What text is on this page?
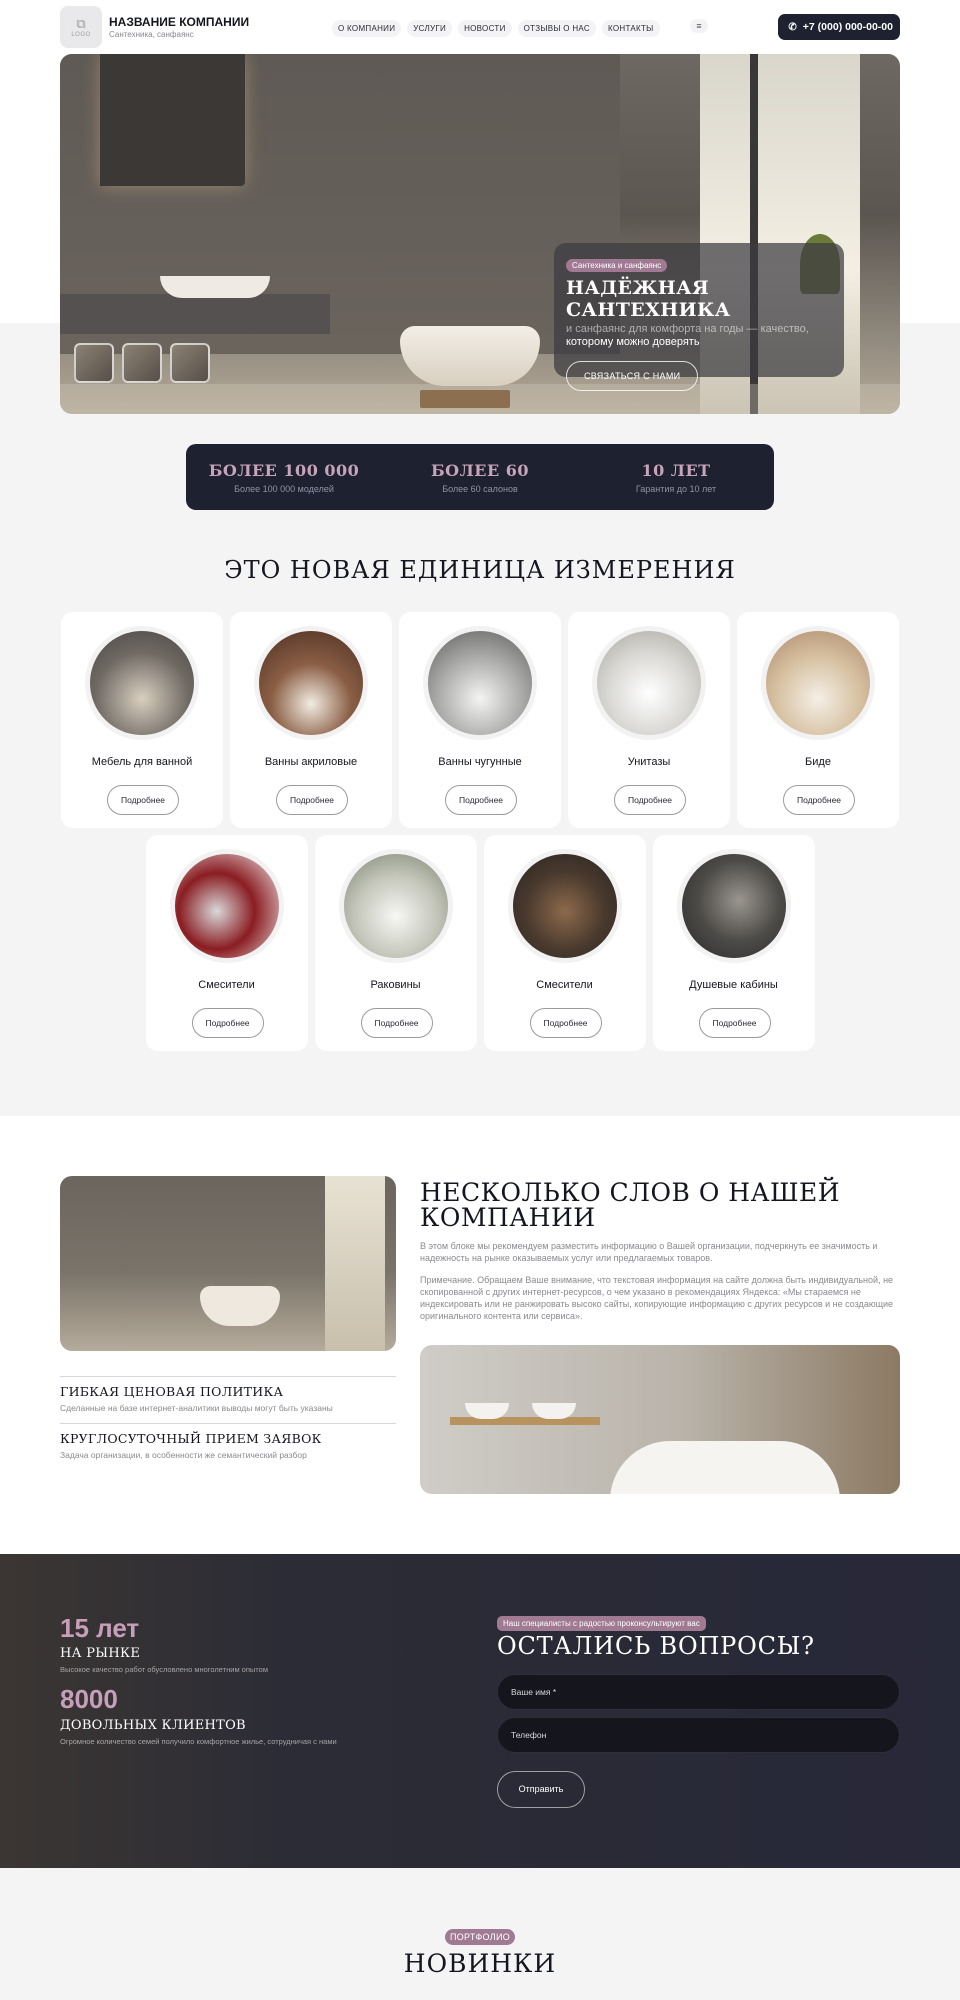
⧉
LOGO
НАЗВАНИЕ КОМПАНИИ
Сантехника, санфаянс
О КОМПАНИИ	УСЛУГИ	НОВОСТИ	ОТЗЫВЫ О НАС	КОНТАКТЫ	≡	✆ +7 (000) 000-00-00
Сантехника и санфаянс
НАДЁЖНАЯ САНТЕХНИКА
и санфаянс для комфорта на годы — качество, которому можно доверять
СВЯЗАТЬСЯ С НАМИ
БОЛЕЕ 100 000
Более 100 000 моделей
БОЛЕЕ 60
Более 60 салонов
10 ЛЕТ
Гарантия до 10 лет
ЭТО НОВАЯ ЕДИНИЦА ИЗМЕРЕНИЯ
Мебель для ванной
Подробнее
Ванны акриловые
Подробнее
Ванны чугунные
Подробнее
Унитазы
Подробнее
Биде
Подробнее
Смесители
Подробнее
Раковины
Подробнее
Смесители
Подробнее
Душевые кабины
Подробнее
ГИБКАЯ ЦЕНОВАЯ ПОЛИТИКА
Сделанные на базе интернет-аналитики выводы могут быть указаны
КРУГЛОСУТОЧНЫЙ ПРИЕМ ЗАЯВОК
Задача организации, в особенности же семантический разбор
НЕСКОЛЬКО СЛОВ О НАШЕЙ КОМПАНИИ
В этом блоке мы рекомендуем разместить информацию о Вашей организации, подчеркнуть ее значимость и надежность на рынке оказываемых услуг или предлагаемых товаров.
Примечание. Обращаем Ваше внимание, что текстовая информация на сайте должна быть индивидуальной, не скопированной с других интернет-ресурсов, о чем указано в рекомендациях Яндекса: «Мы стараемся не индексировать или не ранжировать высоко сайты, копирующие информацию с других ресурсов и не создающие оригинального контента или сервиса».
15 лет
НА РЫНКЕ
Высокое качество работ обусловлено многолетним опытом
8000
ДОВОЛЬНЫХ КЛИЕНТОВ
Огромное количество семей получило комфортное жилье, сотрудничая с нами
Наш специалисты с радостью проконсультируют вас
ОСТАЛИСЬ ВОПРОСЫ?
Ваше имя *
Телефон
Отправить
ПОРТФОЛИО
НОВИНКИ
